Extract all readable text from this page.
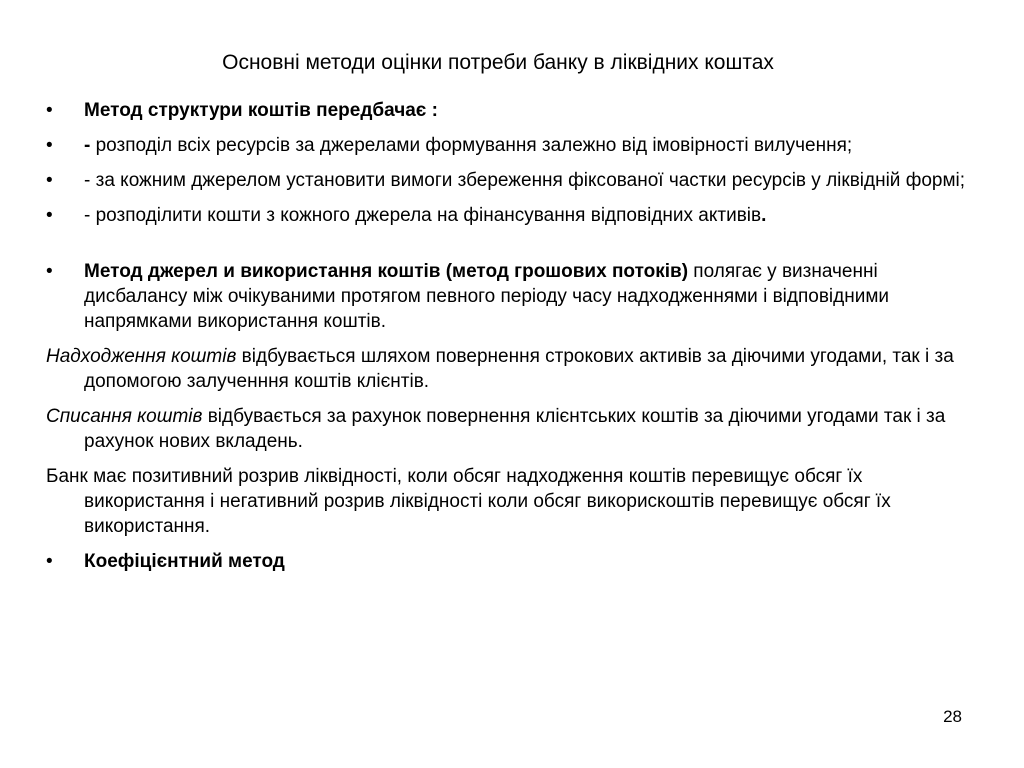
Основні методи оцінки потреби банку в ліквідних коштах
• Метод структури коштів передбачає :
• - розподіл всіх ресурсів за джерелами формування залежно від імовірності вилучення;
• - за кожним джерелом установити вимоги збереження фіксованої частки ресурсів у ліквідній формі;
• - розподілити кошти з кожного джерела на фінансування відповідних активів.
• Метод джерел и використання коштів (метод грошових потоків) полягає у визначенні дисбалансу між очікуваними протягом певного періоду часу надходженнями і відповідними напрямками використання коштів.
Надходження коштів відбувається шляхом повернення строкових активів за діючими угодами, так і за допомогою залученння коштів клієнтів.
Списання коштів відбувається за рахунок повернення клієнтських коштів за діючими угодами так і за рахунок нових вкладень.
Банк має позитивний розрив ліквідності, коли обсяг надходження коштів перевищує обсяг їх використання і негативний розрив ліквідності коли обсяг викорискоштів перевищує обсяг їх використання.
• Коефіцієнтний метод
28
